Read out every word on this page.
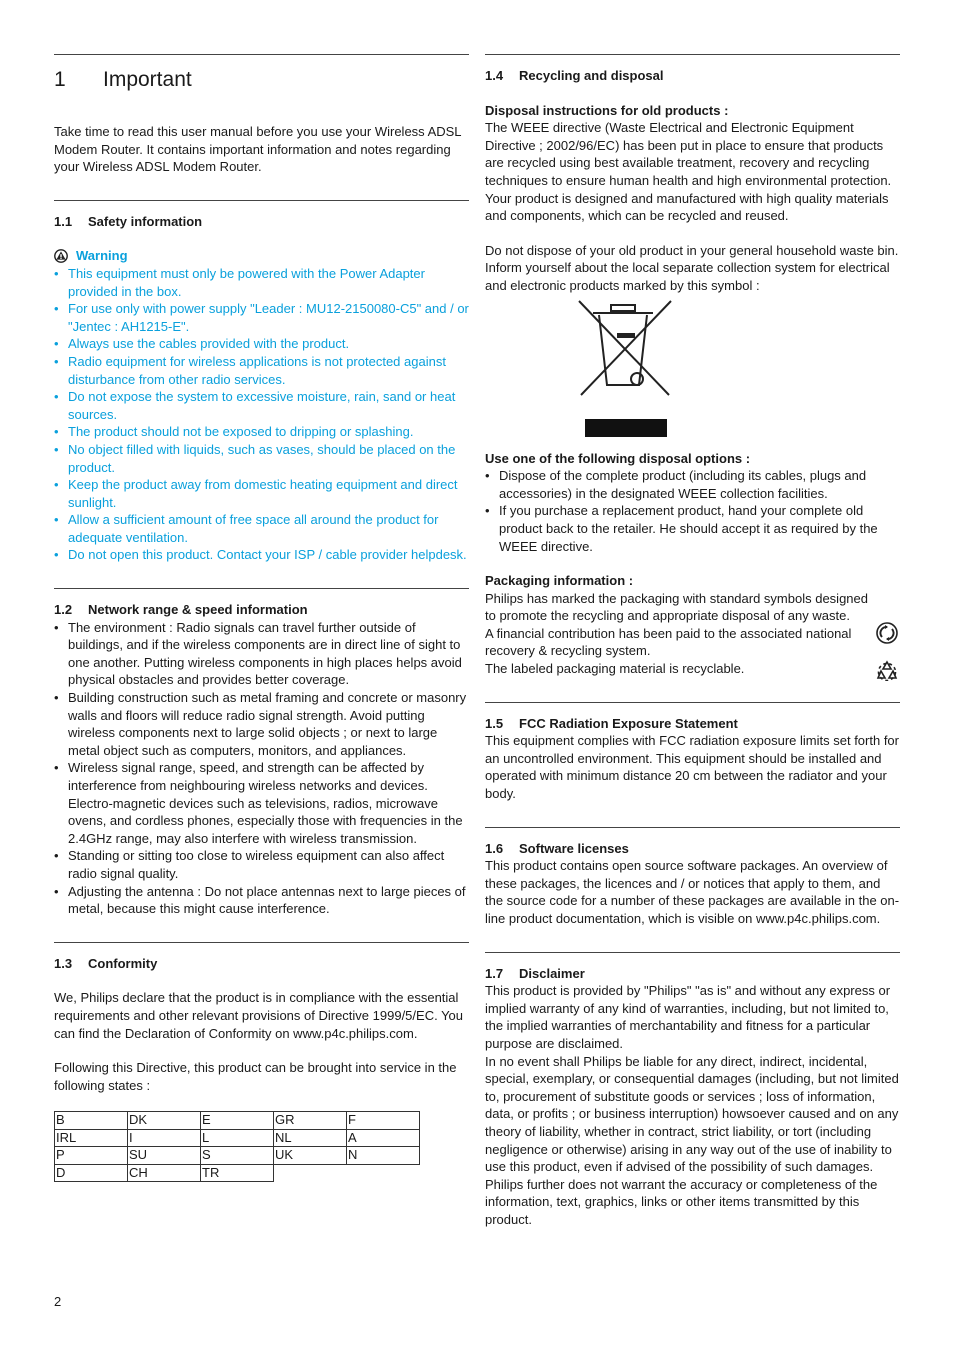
1 Important

Take time to read this user manual before you use your Wireless ADSL Modem Router. It contains important information and notes regarding your Wireless ADSL Modem Router.

1.1 Safety information
Warning
• This equipment must only be powered with the Power Adapter provided in the box.
• For use only with power supply "Leader : MU12-2150080-C5" and / or "Jentec : AH1215-E".
• Always use the cables provided with the product.
• Radio equipment for wireless applications is not protected against disturbance from other radio services.
• Do not expose the system to excessive moisture, rain, sand or heat sources.
• The product should not be exposed to dripping or splashing.
• No object filled with liquids, such as vases, should be placed on the product.
• Keep the product away from domestic heating equipment and direct sunlight.
• Allow a sufficient amount of free space all around the product for adequate ventilation.
• Do not open this product. Contact your ISP / cable provider helpdesk.
1.2 Network range & speed information
• The environment : Radio signals can travel further outside of buildings, and if the wireless components are in direct line of sight to one another. Putting wireless components in high places helps avoid physical obstacles and provides better coverage.
• Building construction such as metal framing and concrete or masonry walls and floors will reduce radio signal strength. Avoid putting wireless components next to large solid objects ; or next to large metal object such as computers, monitors, and appliances.
• Wireless signal range, speed, and strength can be affected by interference from neighbouring wireless networks and devices. Electro-magnetic devices such as televisions, radios, microwave ovens, and cordless phones, especially those with frequencies in the 2.4GHz range, may also interfere with wireless transmission.
• Standing or sitting too close to wireless equipment can also affect radio signal quality.
• Adjusting the antenna : Do not place antennas next to large pieces of metal, because this might cause interference.
1.3 Conformity

We, Philips declare that the product is in compliance with the essential requirements and other relevant provisions of Directive 1999/5/EC. You can find the Declaration of Conformity on www.p4c.philips.com.

Following this Directive, this product can be brought into service in the following states :

B	DK	E	GR	F
IRL	I	L	NL	A
P	SU	S	UK	N
D	CH	TR		
1.4 Recycling and disposal

Disposal instructions for old products :

The WEEE directive (Waste Electrical and Electronic Equipment Directive ; 2002/96/EC) has been put in place to ensure that products are recycled using best available treatment, recovery and recycling techniques to ensure human health and high environmental protection. Your product is designed and manufactured with high quality materials and components, which can be recycled and reused.

Do not dispose of your old product in your general household waste bin.

Inform yourself about the local separate collection system for electrical and electronic products marked by this symbol :

Use one of the following disposal options :

• Dispose of the complete product (including its cables, plugs and accessories) in the designated WEEE collection facilities.
• If you purchase a replacement product, hand your complete old product back to the retailer. He should accept it as required by the WEEE directive.

Packaging information :

Philips has marked the packaging with standard symbols designed to promote the recycling and appropriate disposal of any waste.

A financial contribution has been paid to the associated national recovery & recycling system.

The labeled packaging material is recyclable.

1.5 FCC Radiation Exposure Statement

This equipment complies with FCC radiation exposure limits set forth for an uncontrolled environment. This equipment should be installed and operated with minimum distance 20 cm between the radiator and your body.

1.6 Software licenses

This product contains open source software packages. An overview of these packages, the licences and / or notices that apply to them, and the source code for a number of these packages are available in the on-line product documentation, which is visible on www.p4c.philips.com.

1.7 Disclaimer

This product is provided by "Philips" "as is" and without any express or implied warranty of any kind of warranties, including, but not limited to, the implied warranties of merchantability and fitness for a particular purpose are disclaimed.

In no event shall Philips be liable for any direct, indirect, incidental, special, exemplary, or consequential damages (including, but not limited to, procurement of substitute goods or services ; loss of information, data, or profits ; or business interruption) howsoever caused and on any theory of liability, whether in contract, strict liability, or tort (including negligence or otherwise) arising in any way out of the use of inability to use this product, even if advised of the possibility of such damages.

Philips further does not warrant the accuracy or completeness of the information, text, graphics, links or other items transmitted by this product.

2
